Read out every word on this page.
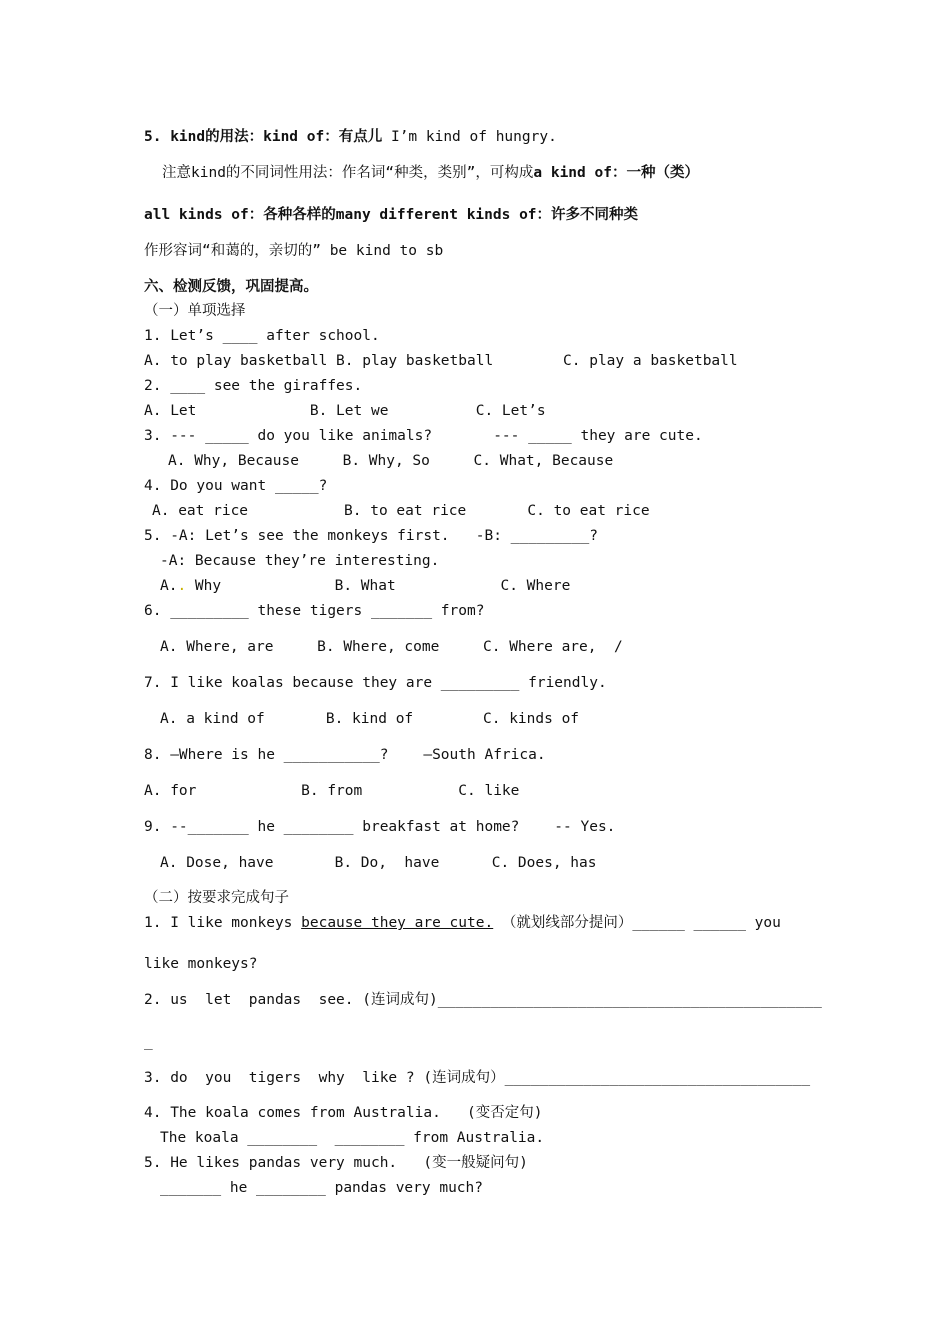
5. kind的用法：kind of：有点儿 I’m kind of hungry.
注意kind的不同词性用法：作名词“种类，类别”，可构成a kind of：一种（类）
all kinds of：各种各样的many different kinds of：许多不同种类
作形容词“和蔼的，亲切的” be kind to sb
六、检测反馈，巩固提高。
（一）单项选择
1. Let’s ____ after school.
A. to play basketball B. play basketball        C. play a basketball
2. ____ see the giraffes.
A. Let             B. Let we          C. Let’s
3. --- _____ do you like animals?       --- _____ they are cute.
A. Why, Because     B. Why, So     C. What, Because
4. Do you want _____?
A. eat rice           B. to eat rice       C. to eat rice
5. -A: Let’s see the monkeys first.   -B: _________?
-A: Because they’re interesting.
A.. Why             B. What            C. Where
6. _________ these tigers _______ from?
A. Where, are     B. Where, come     C. Where are,  /
7. I like koalas because they are _________ friendly.
A. a kind of       B. kind of        C. kinds of
8. —Where is he ___________?    —South Africa.
A. for            B. from           C. like
9. --_______ he ________ breakfast at home?    -- Yes.
A. Dose, have       B. Do,  have      C. Does, has
（二）按要求完成句子
1. I like monkeys because they are cute. （就划线部分提问）______ ______ you
like monkeys?
2. us  let  pandas  see. (连词成句)____________________________________________
_
3. do  you  tigers  why  like ? (连词成句）___________________________________
4. The koala comes from Australia.   (变否定句)
The koala ________  ________ from Australia.
5. He likes pandas very much.   (变一般疑问句)
_______ he ________ pandas very much?
